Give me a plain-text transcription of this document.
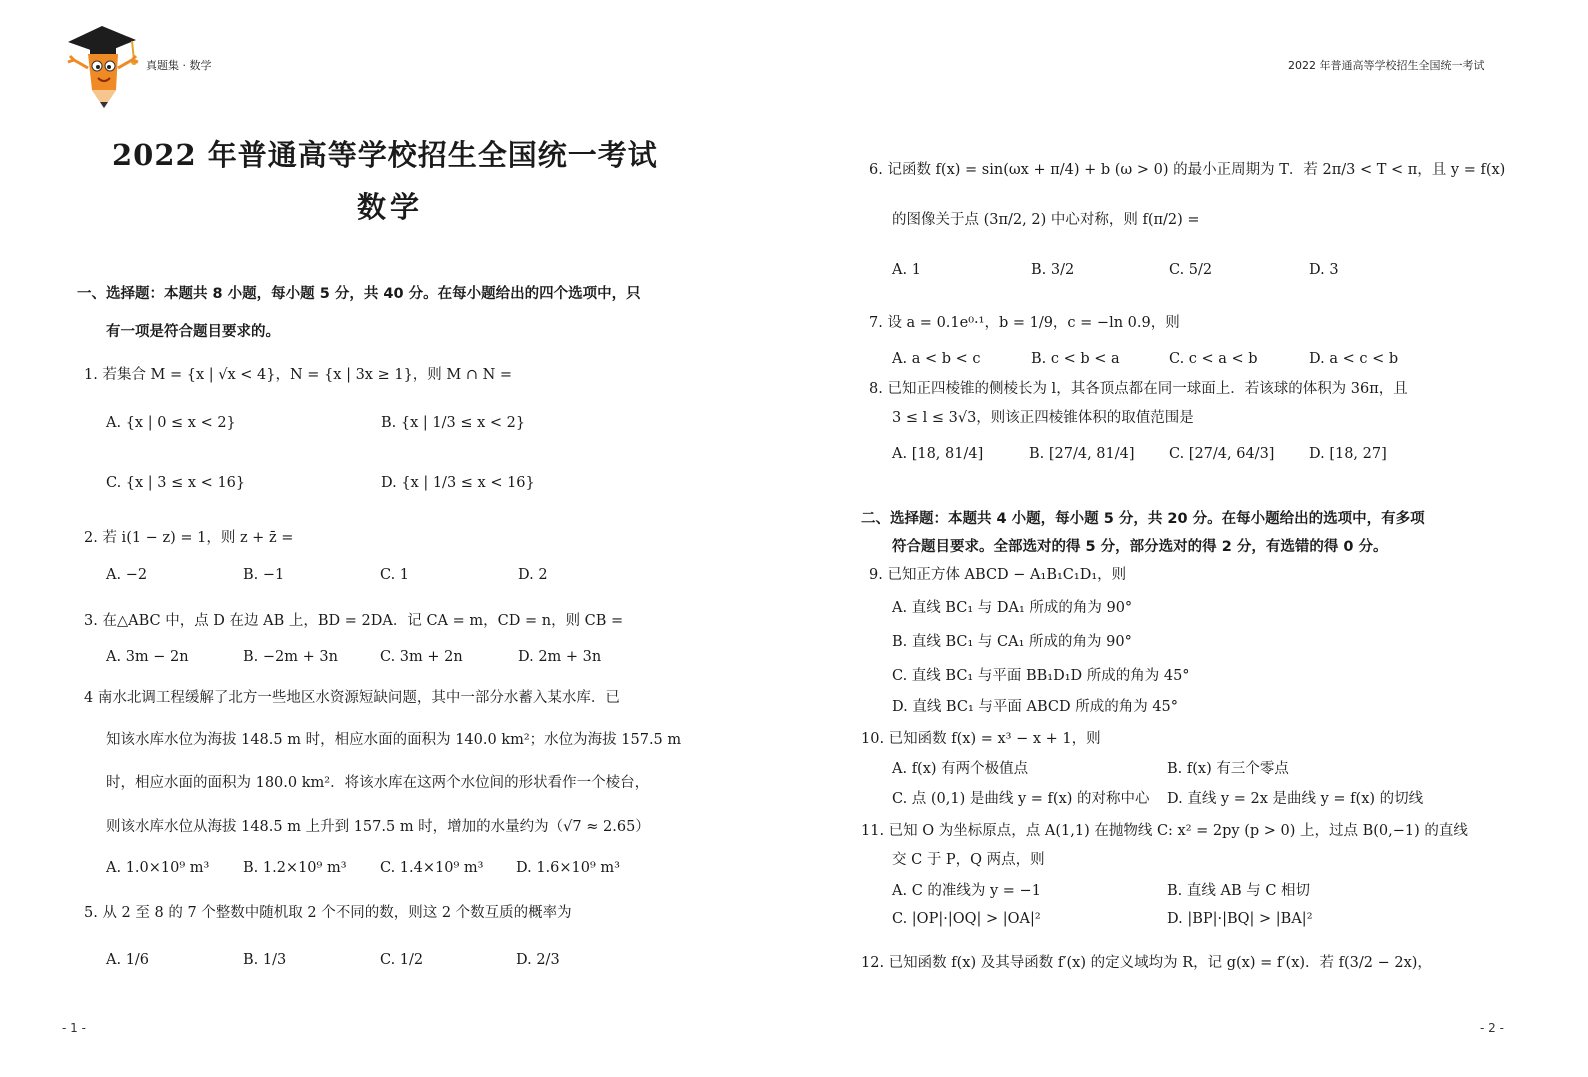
真题集 · 数学	2022 年普通高等学校招生全国统一考试
2022 年普通高等学校招生全国统一考试
数学
一、选择题：本题共 8 小题，每小题 5 分，共 40 分。在每小题给出的四个选项中，只
有一项是符合题目要求的。
1. 若集合 M = {x | √x < 4}，N = {x | 3x ≥ 1}，则 M ∩ N =
A. {x | 0 ≤ x < 2}	B. {x | 1/3 ≤ x < 2}
C. {x | 3 ≤ x < 16}	D. {x | 1/3 ≤ x < 16}
2. 若 i(1 − z) = 1，则 z + z̄ =
A. −2	B. −1	C. 1	D. 2
3. 在△ABC 中，点 D 在边 AB 上，BD = 2DA．记 CA = m，CD = n，则 CB =
A. 3m − 2n	B. −2m + 3n	C. 3m + 2n	D. 2m + 3n
4 南水北调工程缓解了北方一些地区水资源短缺问题，其中一部分水蓄入某水库．已
知该水库水位为海拔 148.5 m 时，相应水面的面积为 140.0 km²；水位为海拔 157.5 m
时，相应水面的面积为 180.0 km²．将该水库在这两个水位间的形状看作一个棱台，
则该水库水位从海拔 148.5 m 上升到 157.5 m 时，增加的水量约为（√7 ≈ 2.65）
A. 1.0×10⁹ m³ B. 1.2×10⁹ m³ C. 1.4×10⁹ m³ D. 1.6×10⁹ m³
5. 从 2 至 8 的 7 个整数中随机取 2 个不同的数，则这 2 个数互质的概率为
A. 1/6	B. 1/3	C. 1/2	D. 2/3
- 1 -
6. 记函数 f(x) = sin(ωx + π/4) + b (ω > 0) 的最小正周期为 T．若 2π/3 < T < π，且 y = f(x)
的图像关于点 (3π/2, 2) 中心对称，则 f(π/2) =
A. 1	B. 3/2	C. 5/2	D. 3
7. 设 a = 0.1e⁰·¹，b = 1/9，c = −ln 0.9，则
A. a < b < c	B. c < b < a	C. c < a < b	D. a < c < b
8. 已知正四棱锥的侧棱长为 l，其各顶点都在同一球面上．若该球的体积为 36π，且
3 ≤ l ≤ 3√3，则该正四棱锥体积的取值范围是
A. [18, 81/4]	B. [27/4, 81/4] C. [27/4, 64/3] D. [18, 27]
二、选择题：本题共 4 小题，每小题 5 分，共 20 分。在每小题给出的选项中，有多项
符合题目要求。全部选对的得 5 分，部分选对的得 2 分，有选错的得 0 分。
9. 已知正方体 ABCD − A₁B₁C₁D₁，则
A. 直线 BC₁ 与 DA₁ 所成的角为 90°
B. 直线 BC₁ 与 CA₁ 所成的角为 90°
C. 直线 BC₁ 与平面 BB₁D₁D 所成的角为 45°
D. 直线 BC₁ 与平面 ABCD 所成的角为 45°
10. 已知函数 f(x) = x³ − x + 1，则
A. f(x) 有两个极值点	B. f(x) 有三个零点
C. 点 (0,1) 是曲线 y = f(x) 的对称中心 D. 直线 y = 2x 是曲线 y = f(x) 的切线
11. 已知 O 为坐标原点，点 A(1,1) 在抛物线 C: x² = 2py (p > 0) 上，过点 B(0,−1) 的直线
交 C 于 P，Q 两点，则
A. C 的准线为 y = −1	B. 直线 AB 与 C 相切
C. |OP|·|OQ| > |OA|²	D. |BP|·|BQ| > |BA|²
12. 已知函数 f(x) 及其导函数 f′(x) 的定义域均为 R，记 g(x) = f′(x)．若 f(3/2 − 2x)，
- 2 -
